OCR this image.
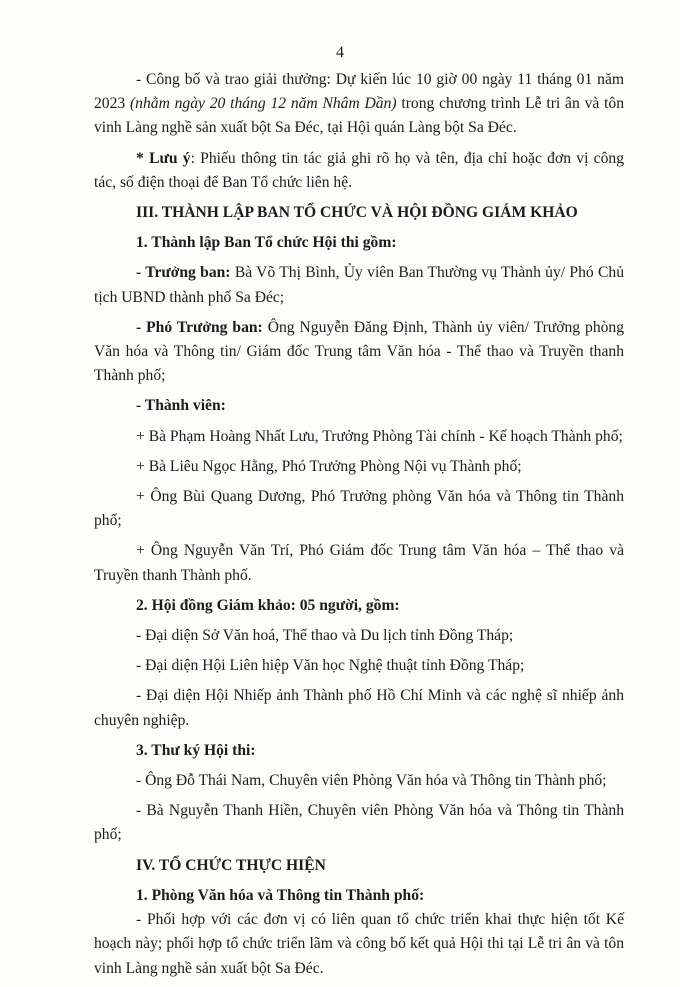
4

- Công bố và trao giải thưởng: Dự kiến lúc 10 giờ 00 ngày 11 tháng 01 năm 2023 (nhằm ngày 20 tháng 12 năm Nhâm Dần) trong chương trình Lễ tri ân và tôn vinh Làng nghề sản xuất bột Sa Đéc, tại Hội quán Làng bột Sa Đéc.

* Lưu ý: Phiếu thông tin tác giả ghi rõ họ và tên, địa chỉ hoặc đơn vị công tác, số điện thoại để Ban Tổ chức liên hệ.

III. THÀNH LẬP BAN TỔ CHỨC VÀ HỘI ĐỒNG GIÁM KHẢO

1. Thành lập Ban Tổ chức Hội thi gồm:

- Trưởng ban: Bà Võ Thị Bình, Ủy viên Ban Thường vụ Thành ủy/ Phó Chủ tịch UBND thành phố Sa Đéc;

- Phó Trưởng ban: Ông Nguyễn Đăng Định, Thành ủy viên/ Trưởng phòng Văn hóa và Thông tin/ Giám đốc Trung tâm Văn hóa - Thể thao và Truyền thanh Thành phố;

- Thành viên:

+ Bà Phạm Hoàng Nhất Lưu, Trưởng Phòng Tài chính - Kế hoạch Thành phố;

+ Bà Liêu Ngọc Hằng, Phó Trưởng Phòng Nội vụ Thành phố;

+ Ông Bùi Quang Dương, Phó Trưởng phòng Văn hóa và Thông tin Thành phố;

+ Ông Nguyễn Văn Trí, Phó Giám đốc Trung tâm Văn hóa – Thể thao và Truyền thanh Thành phố.

2. Hội đồng Giám khảo: 05 người, gồm:

- Đại diện Sở Văn hoá, Thể thao và Du lịch tỉnh Đồng Tháp;

- Đại diện Hội Liên hiệp Văn học Nghệ thuật tỉnh Đồng Tháp;

- Đại diện Hội Nhiếp ảnh Thành phố Hồ Chí Minh và các nghệ sĩ nhiếp ảnh chuyên nghiệp.

3. Thư ký Hội thi:

- Ông Đỗ Thái Nam, Chuyên viên Phòng Văn hóa và Thông tin Thành phố;

- Bà Nguyễn Thanh Hiền, Chuyên viên Phòng Văn hóa và Thông tin Thành phố;

IV. TỔ CHỨC THỰC HIỆN

1. Phòng Văn hóa và Thông tin Thành phố:

- Phối hợp với các đơn vị có liên quan tổ chức triển khai thực hiện tốt Kế hoạch này; phối hợp tổ chức triển lãm và công bố kết quả Hội thi tại Lễ tri ân và tôn vinh Làng nghề sản xuất bột Sa Đéc.
